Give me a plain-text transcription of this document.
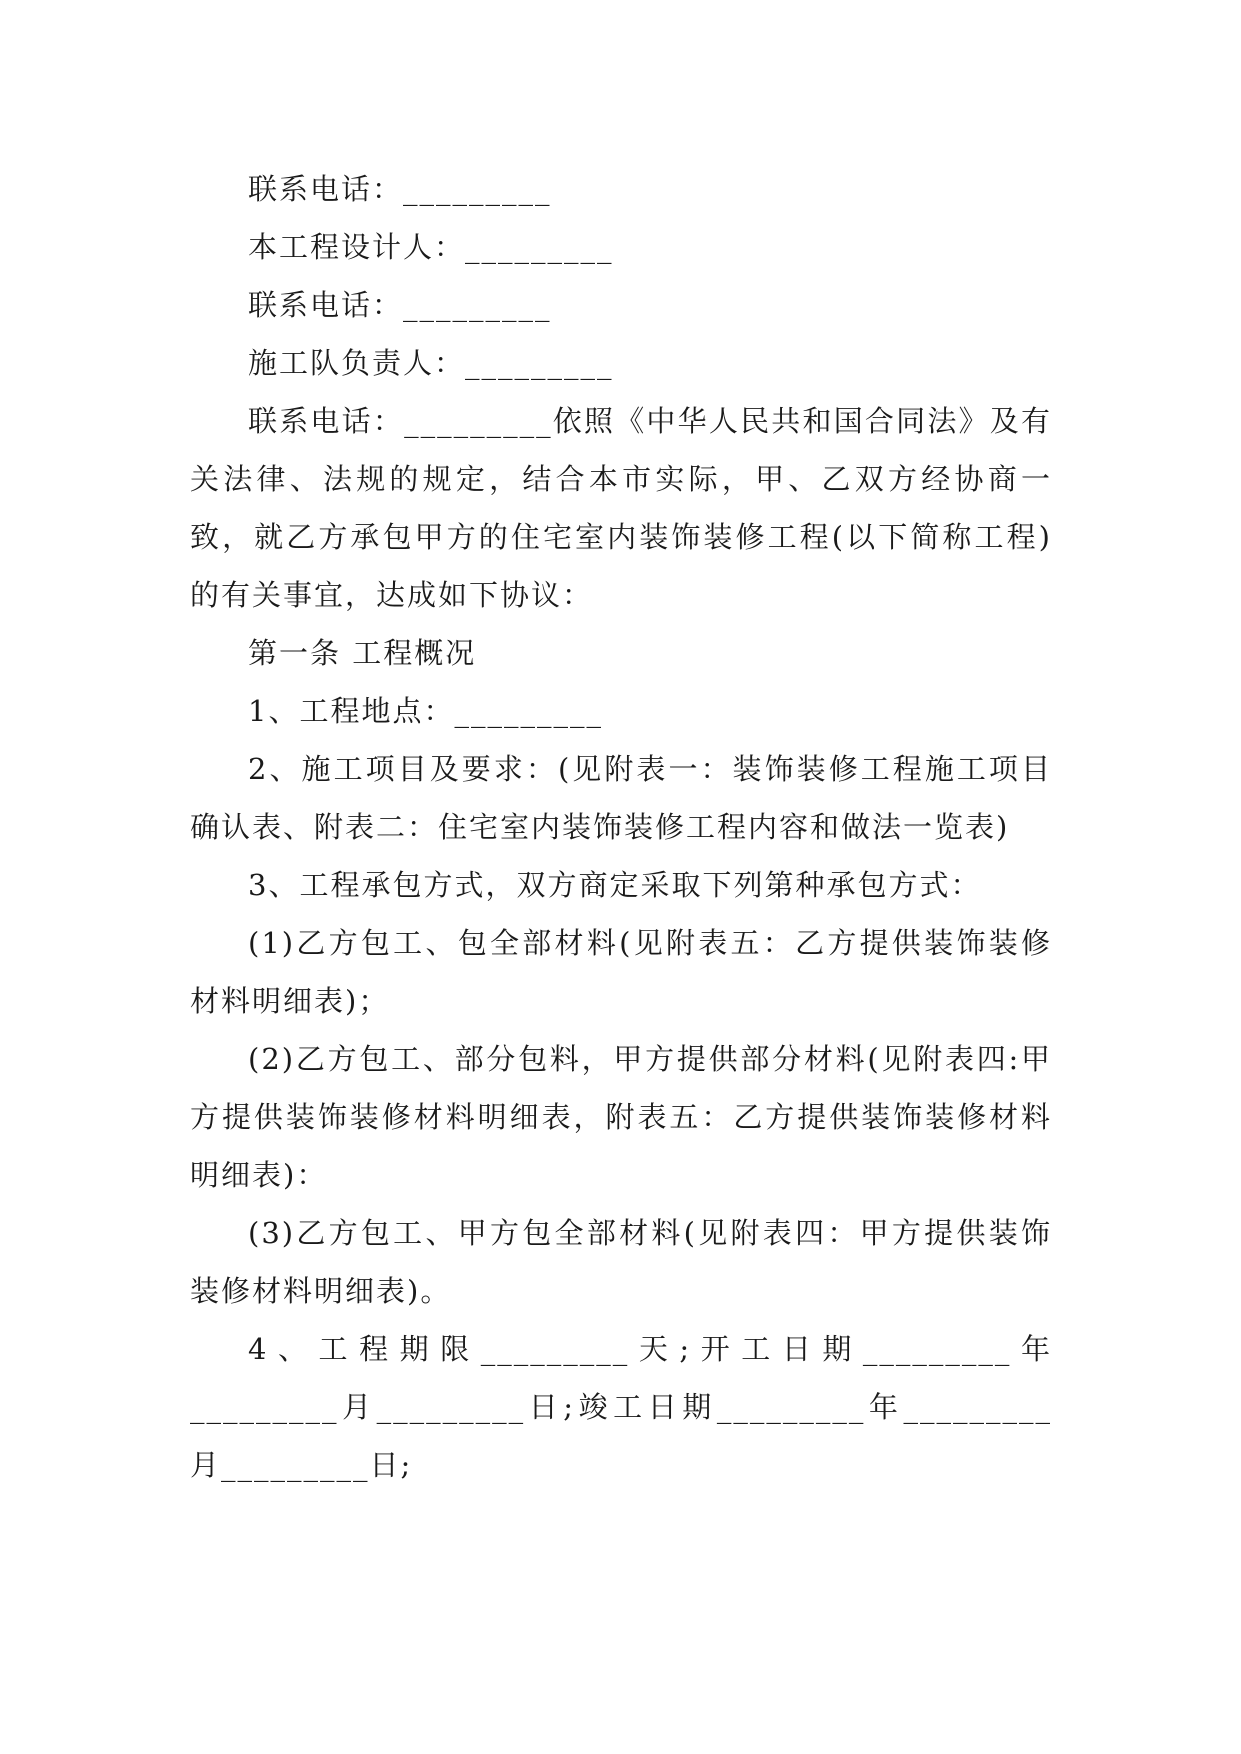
联系电话：_________

本工程设计人：_________

联系电话：_________

施工队负责人：_________

联系电话：_________依照《中华人民共和国合同法》及有关法律、法规的规定，结合本市实际，甲、乙双方经协商一致，就乙方承包甲方的住宅室内装饰装修工程(以下简称工程)的有关事宜，达成如下协议：

第一条 工程概况

1、工程地点：_________

2、施工项目及要求：(见附表一：装饰装修工程施工项目确认表、附表二：住宅室内装饰装修工程内容和做法一览表)

3、工程承包方式，双方商定采取下列第种承包方式：

(1)乙方包工、包全部材料(见附表五：乙方提供装饰装修材料明细表)；

(2)乙方包工、部分包料，甲方提供部分材料(见附表四:甲方提供装饰装修材料明细表，附表五：乙方提供装饰装修材料明细表)：

(3)乙方包工、甲方包全部材料(见附表四：甲方提供装饰装修材料明细表)。

4、工程期限_________天;开工日期_________年

_________月_________日;竣工日期_________年_________

月_________日;
